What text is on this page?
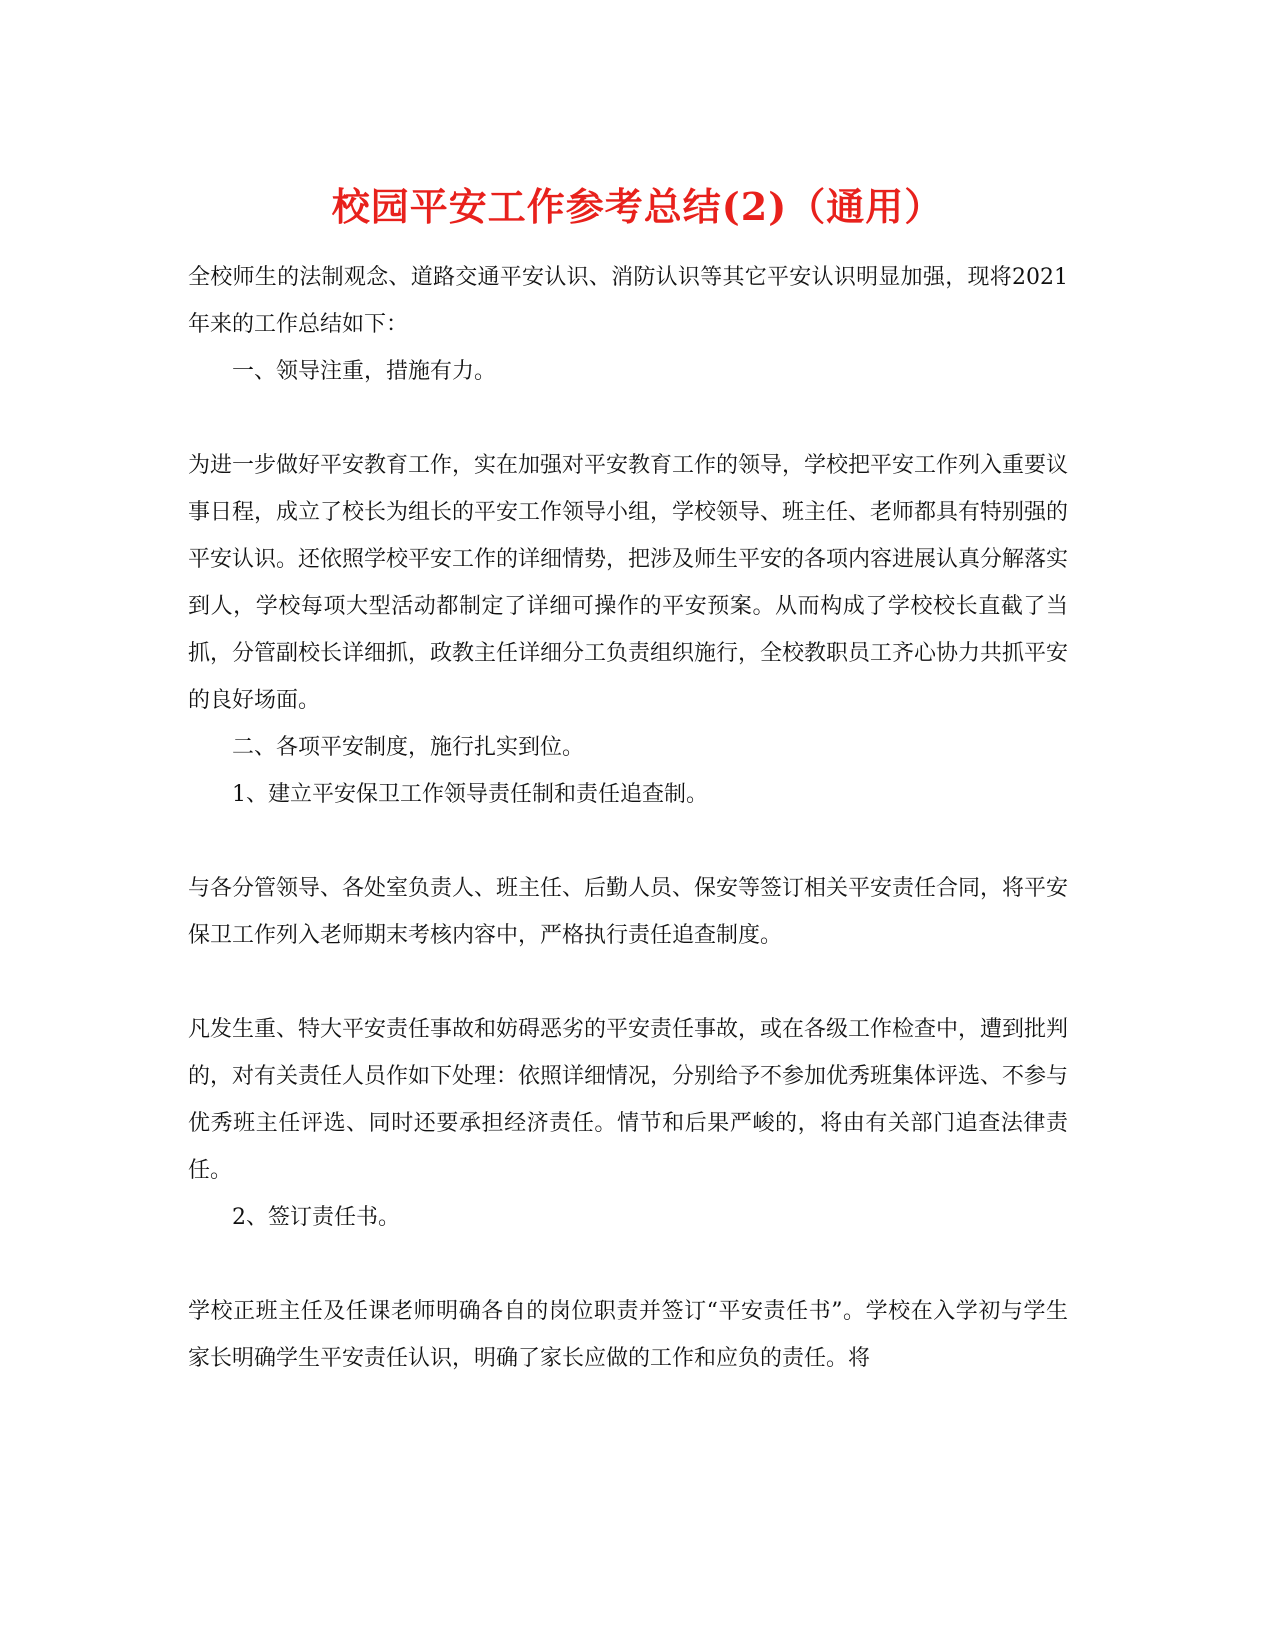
校园平安工作参考总结(2)（通用）

全校师生的法制观念、道路交通平安认识、消防认识等其它平安认识明显加强，现将2021年来的工作总结如下：

一、领导注重，措施有力。

为进一步做好平安教育工作，实在加强对平安教育工作的领导，学校把平安工作列入重要议事日程，成立了校长为组长的平安工作领导小组，学校领导、班主任、老师都具有特别强的平安认识。还依照学校平安工作的详细情势，把涉及师生平安的各项内容进展认真分解落实到人，学校每项大型活动都制定了详细可操作的平安预案。从而构成了学校校长直截了当抓，分管副校长详细抓，政教主任详细分工负责组织施行，全校教职员工齐心协力共抓平安的良好场面。

二、各项平安制度，施行扎实到位。

1、建立平安保卫工作领导责任制和责任追查制。

与各分管领导、各处室负责人、班主任、后勤人员、保安等签订相关平安责任合同，将平安保卫工作列入老师期末考核内容中，严格执行责任追查制度。

凡发生重、特大平安责任事故和妨碍恶劣的平安责任事故，或在各级工作检查中，遭到批判的，对有关责任人员作如下处理：依照详细情况，分别给予不参加优秀班集体评选、不参与优秀班主任评选、同时还要承担经济责任。情节和后果严峻的，将由有关部门追查法律责任。

2、签订责任书。

学校正班主任及任课老师明确各自的岗位职责并签订“平安责任书”。学校在入学初与学生家长明确学生平安责任认识，明确了家长应做的工作和应负的责任。将
